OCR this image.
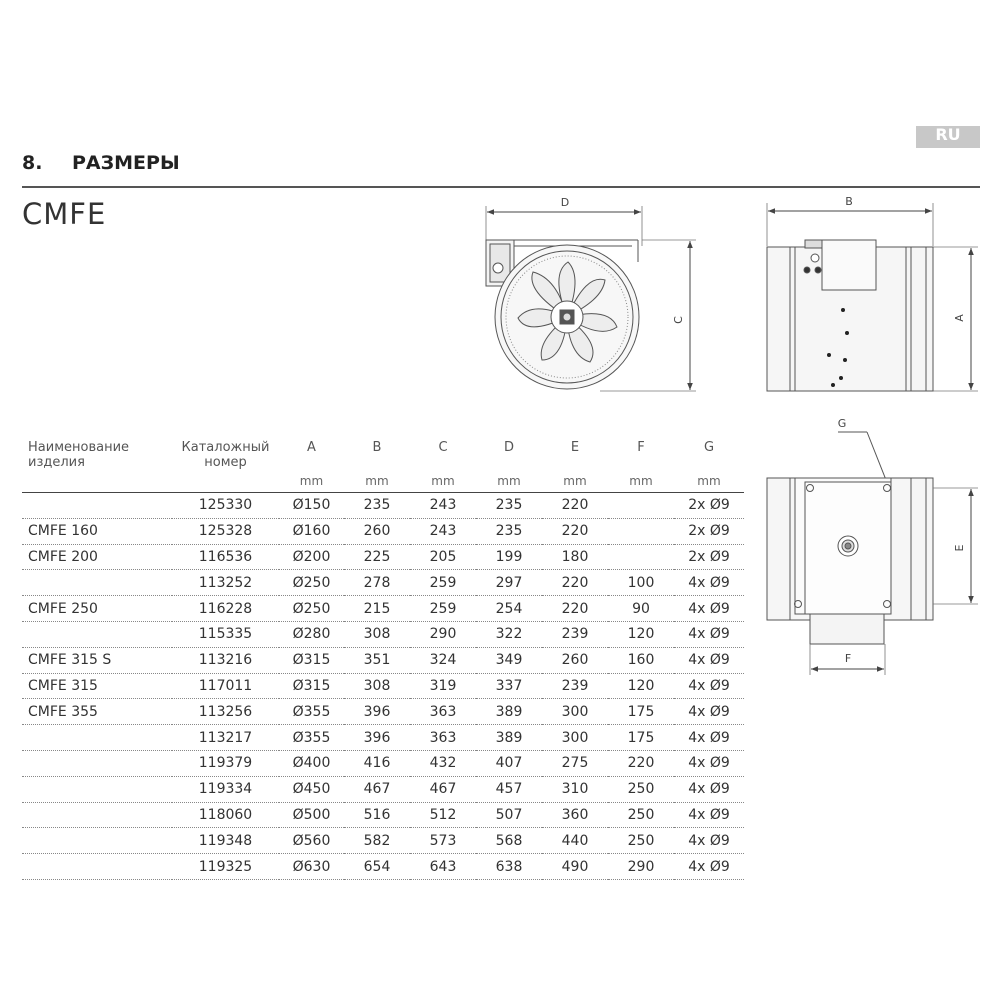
RU
8. РАЗМЕРЫ
CMFE	D
C
B
A
G
E
F
Наименование изделия	Каталожный номер	A	B	C	D	E	F	G
		mm	mm	mm	mm	mm	mm	mm
	125330	Ø150	235	243	235	220		2x Ø9
CMFE 160	125328	Ø160	260	243	235	220		2x Ø9
CMFE 200	116536	Ø200	225	205	199	180		2x Ø9
	113252	Ø250	278	259	297	220	100	4x Ø9
CMFE 250	116228	Ø250	215	259	254	220	90	4x Ø9
	115335	Ø280	308	290	322	239	120	4x Ø9
CMFE 315 S	113216	Ø315	351	324	349	260	160	4x Ø9
CMFE 315	117011	Ø315	308	319	337	239	120	4x Ø9
CMFE 355	113256	Ø355	396	363	389	300	175	4x Ø9
	113217	Ø355	396	363	389	300	175	4x Ø9
	119379	Ø400	416	432	407	275	220	4x Ø9
	119334	Ø450	467	467	457	310	250	4x Ø9
	118060	Ø500	516	512	507	360	250	4x Ø9
	119348	Ø560	582	573	568	440	250	4x Ø9
	119325	Ø630	654	643	638	490	290	4x Ø9
